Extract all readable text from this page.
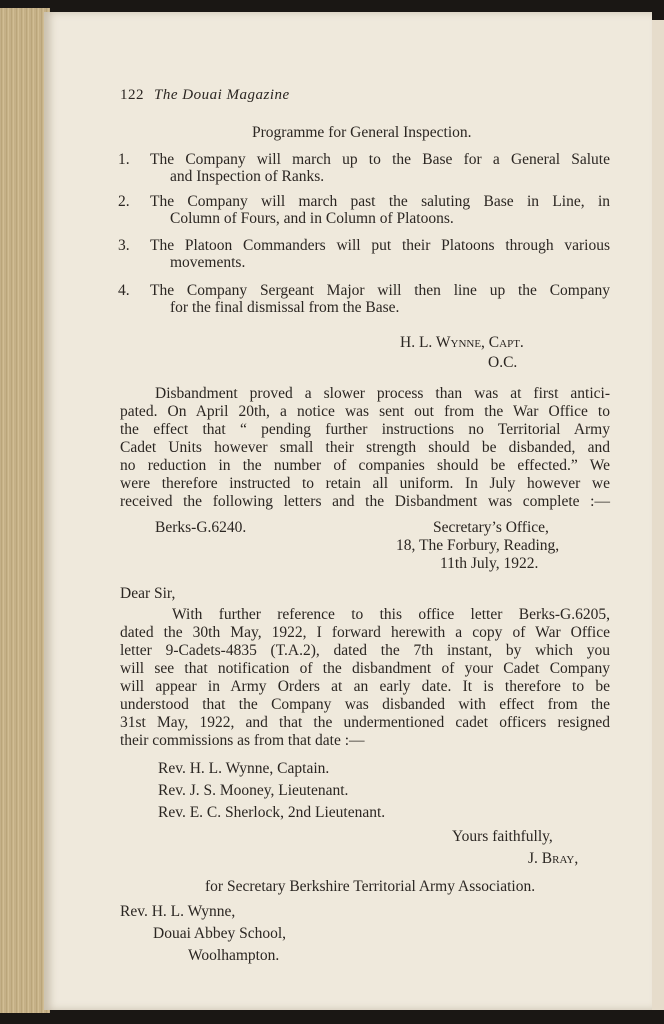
122 The Douai Magazine
Programme for General Inspection.
1. The Company will march up to the Base for a General Salute
and Inspection of Ranks.
2. The Company will march past the saluting Base in Line, in
Column of Fours, and in Column of Platoons.
3. The Platoon Commanders will put their Platoons through various
movements.
4. The Company Sergeant Major will then line up the Company
for the final dismissal from the Base.
H. L. Wynne, Capt.
O.C.
Disbandment proved a slower process than was at first antici-
pated. On April 20th, a notice was sent out from the War Office to
the effect that “ pending further instructions no Territorial Army
Cadet Units however small their strength should be disbanded, and
no reduction in the number of companies should be effected.” We
were therefore instructed to retain all uniform. In July however we
received the following letters and the Disbandment was complete :—
Berks-G.6240.	Secretary’s Office,
18, The Forbury, Reading,
11th July, 1922.
Dear Sir,
With further reference to this office letter Berks-G.6205,
dated the 30th May, 1922, I forward herewith a copy of War Office
letter 9-Cadets-4835 (T.A.2), dated the 7th instant, by which you
will see that notification of the disbandment of your Cadet Company
will appear in Army Orders at an early date. It is therefore to be
understood that the Company was disbanded with effect from the
31st May, 1922, and that the undermentioned cadet officers resigned
their commissions as from that date :—
Rev. H. L. Wynne, Captain.
Rev. J. S. Mooney, Lieutenant.
Rev. E. C. Sherlock, 2nd Lieutenant.
Yours faithfully,
J. Bray,
for Secretary Berkshire Territorial Army Association.
Rev. H. L. Wynne,
Douai Abbey School,
Woolhampton.
